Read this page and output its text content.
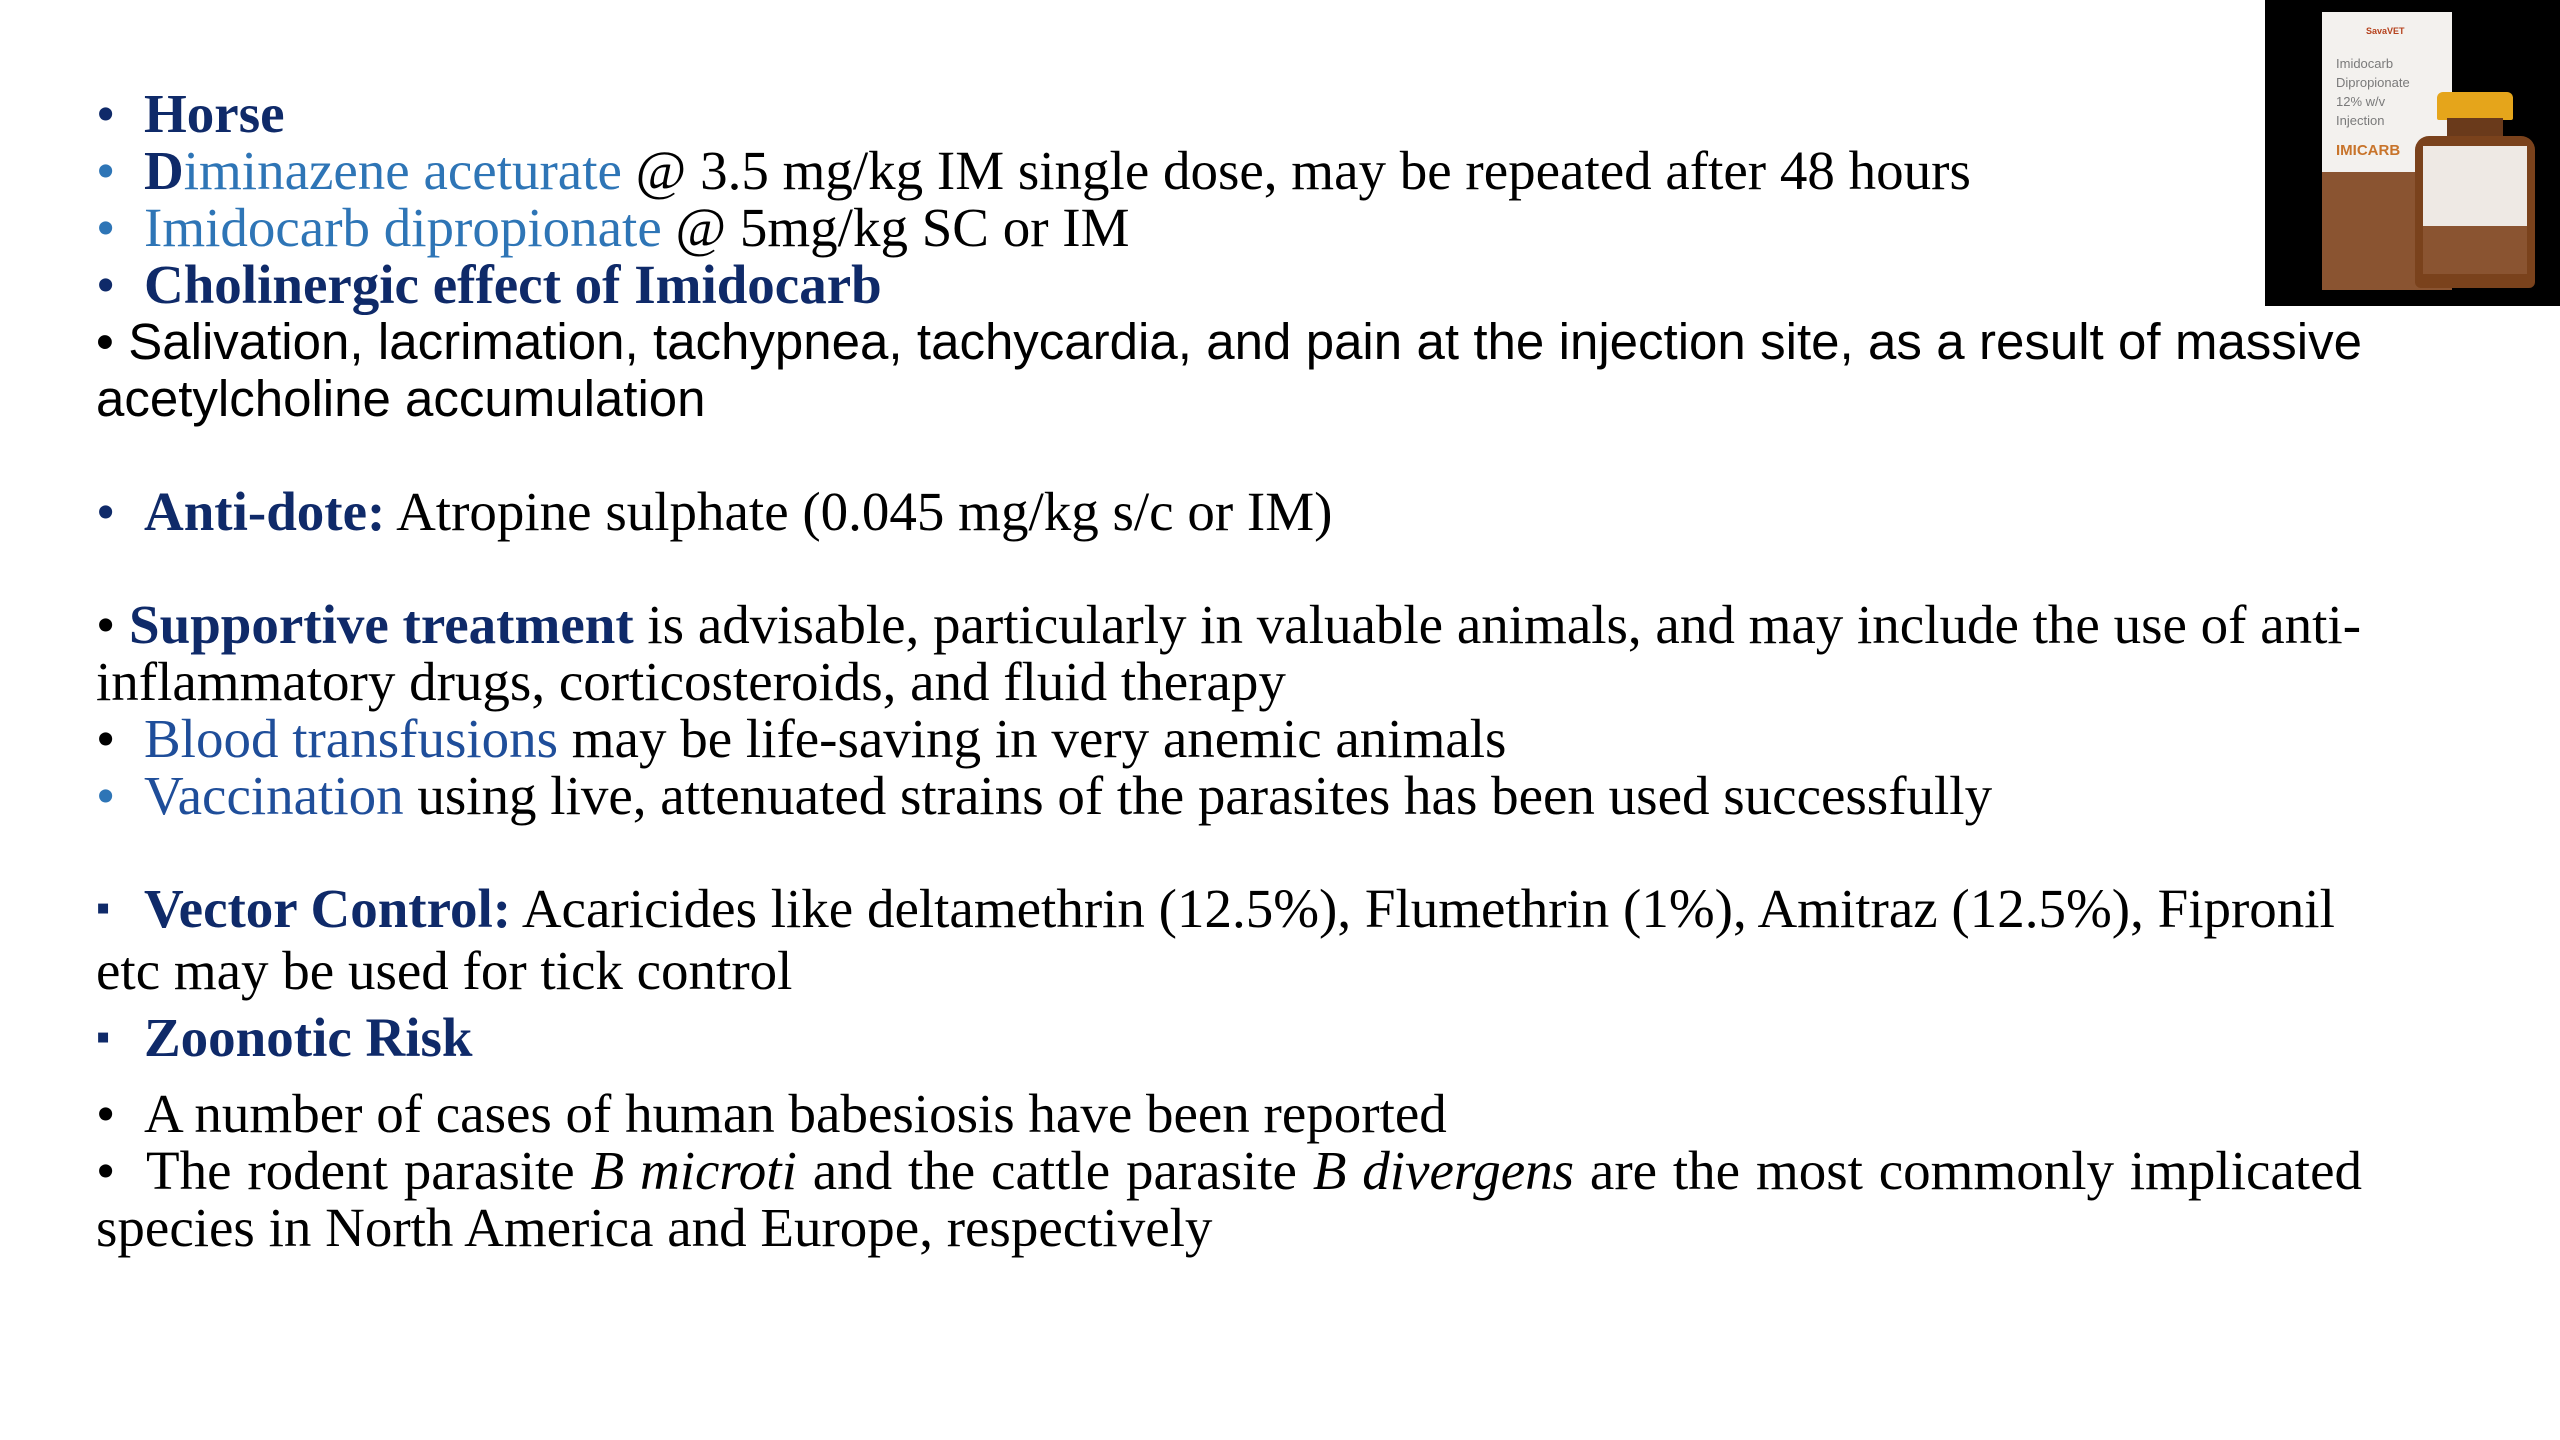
• Horse
• Diminazene aceturate @ 3.5 mg/kg IM single dose, may be repeated after 48 hours
• Imidocarb dipropionate @ 5mg/kg SC or IM
• Cholinergic effect of Imidocarb
• Salivation, lacrimation, tachypnea, tachycardia, and pain at the injection site, as a result of massive acetylcholine accumulation
• Anti-dote: Atropine sulphate (0.045 mg/kg s/c or IM)
• Supportive treatment is advisable, particularly in valuable animals, and may include the use of anti-inflammatory drugs, corticosteroids, and fluid therapy
• Blood transfusions may be life-saving in very anemic animals
• Vaccination using live, attenuated strains of the parasites has been used successfully
▪ Vector Control: Acaricides like deltamethrin (12.5%), Flumethrin (1%), Amitraz (12.5%), Fipronil etc may be used for tick control
▪ Zoonotic Risk
• A number of cases of human babesiosis have been reported
• The rodent parasite B microti and the cattle parasite B divergens are the most commonly implicated species in North America and Europe, respectively
SavaVET
Imidocarb Dipropionate 12% w/v Injection
IMICARB
